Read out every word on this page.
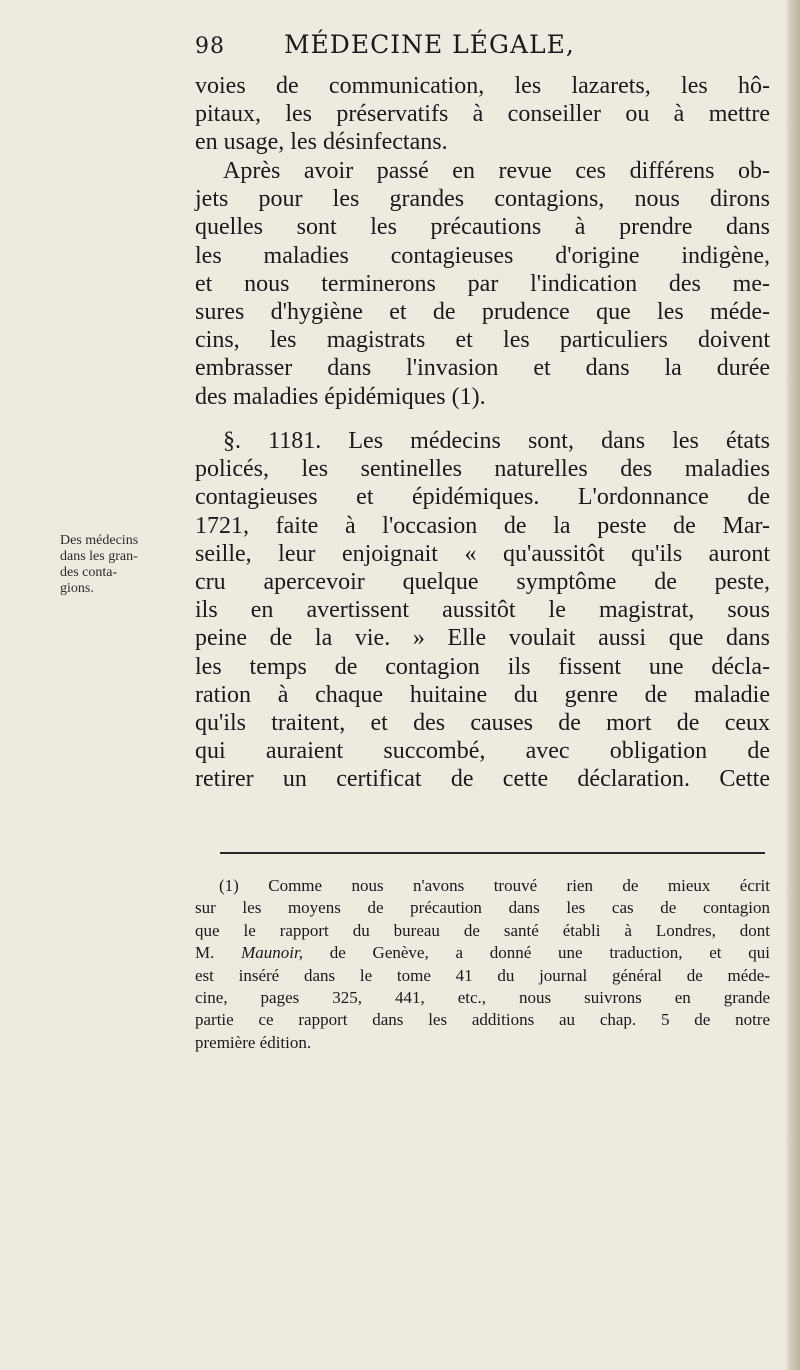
98 MÉDECINE LÉGALE,
voies de communication, les lazarets, les hô-
pitaux, les préservatifs à conseiller ou à mettre
en usage, les désinfectans.
Après avoir passé en revue ces différens ob-
jets pour les grandes contagions, nous dirons
quelles sont les précautions à prendre dans
les maladies contagieuses d'origine indigène,
et nous terminerons par l'indication des me-
sures d'hygiène et de prudence que les méde-
cins, les magistrats et les particuliers doivent
embrasser dans l'invasion et dans la durée
des maladies épidémiques (1).
Des médecins
dans les gran-
des conta-
gions.
§. 1181. Les médecins sont, dans les états
policés, les sentinelles naturelles des maladies
contagieuses et épidémiques. L'ordonnance de
1721, faite à l'occasion de la peste de Mar-
seille, leur enjoignait « qu'aussitôt qu'ils auront
cru apercevoir quelque symptôme de peste,
ils en avertissent aussitôt le magistrat, sous
peine de la vie. » Elle voulait aussi que dans
les temps de contagion ils fissent une décla-
ration à chaque huitaine du genre de maladie
qu'ils traitent, et des causes de mort de ceux
qui auraient succombé, avec obligation de
retirer un certificat de cette déclaration. Cette
(1) Comme nous n'avons trouvé rien de mieux écrit
sur les moyens de précaution dans les cas de contagion
que le rapport du bureau de santé établi à Londres, dont
M. Maunoir, de Genève, a donné une traduction, et qui
est inséré dans le tome 41 du journal général de méde-
cine, pages 325, 441, etc., nous suivrons en grande
partie ce rapport dans les additions au chap. 5 de notre
première édition.
